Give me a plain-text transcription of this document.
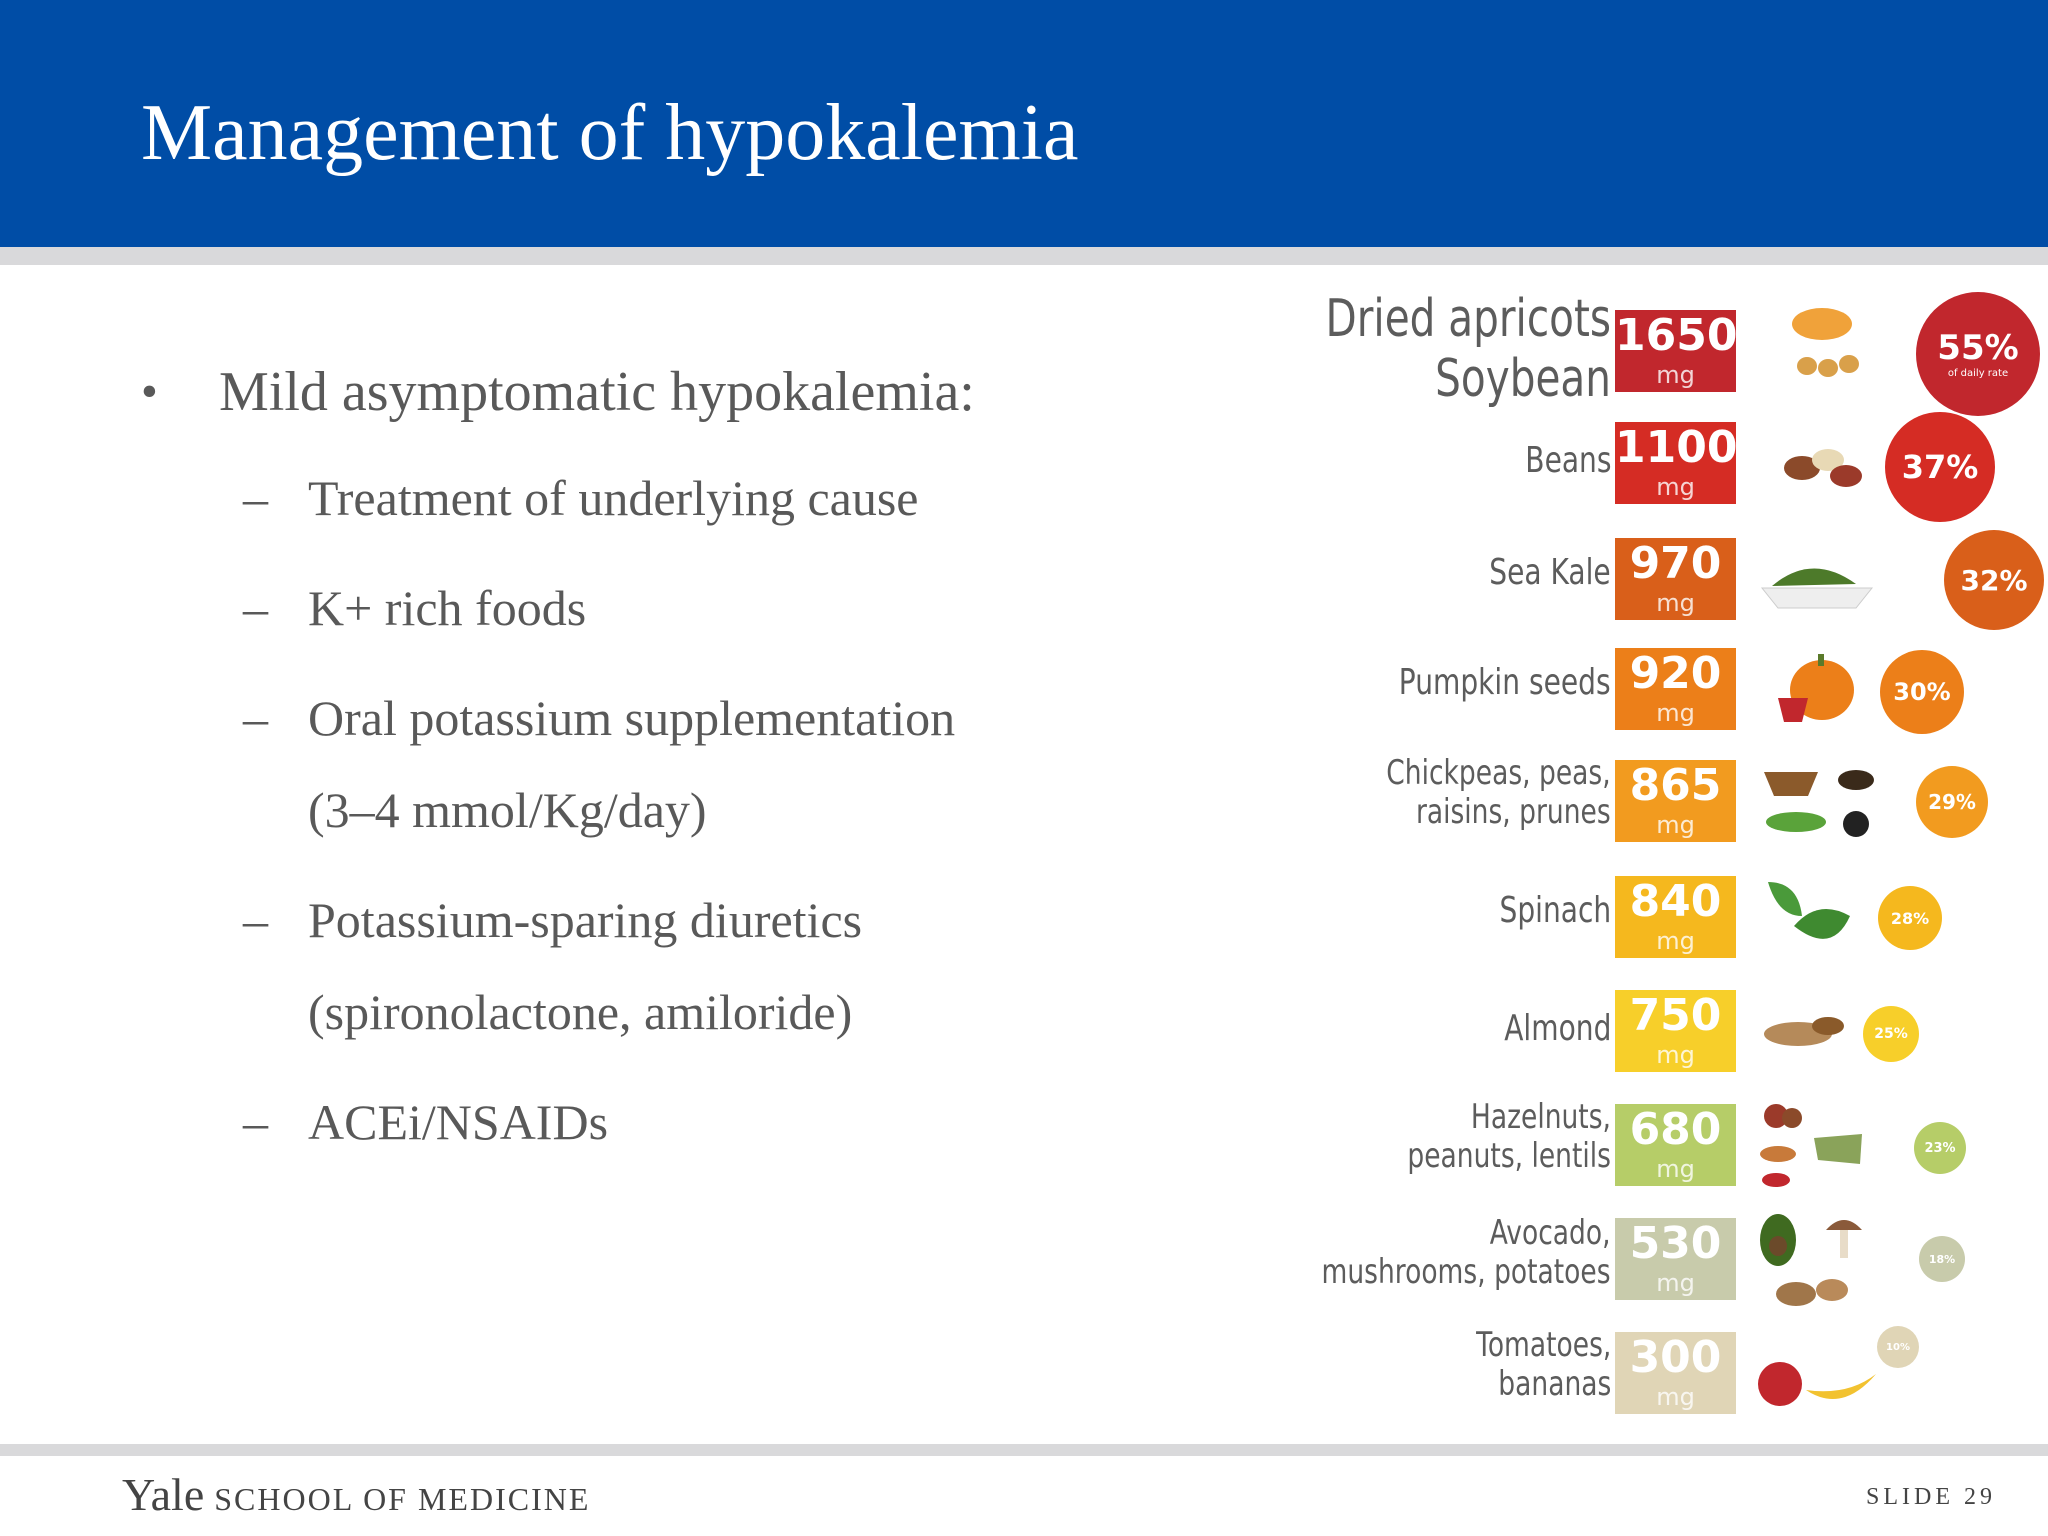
Management of hypokalemia
• Mild asymptomatic hypokalemia:
– Treatment of underlying cause
– K+ rich foods
– Oral potassium supplementation
(3–4 mmol/Kg/day)
– Potassium-sparing diuretics
(spironolactone, amiloride)
– ACEi/NSAIDs
Dried apricots
Soybean
1650
mg
55%
of daily rate
Beans 1100
mg
37%
Sea Kale 970
mg
32%
Pumpkin seeds 920
mg
30%
Chickpeas, peas,
raisins, prunes
865
mg
29%
Spinach 840
mg
28%
Almond 750
mg
25%
Hazelnuts,
peanuts, lentils
680
mg
23%
Avocado,
mushrooms, potatoes
530
mg
18%
Tomatoes,
bananas
300
mg
10%
Yale SCHOOL OF MEDICINE	SLIDE 29
